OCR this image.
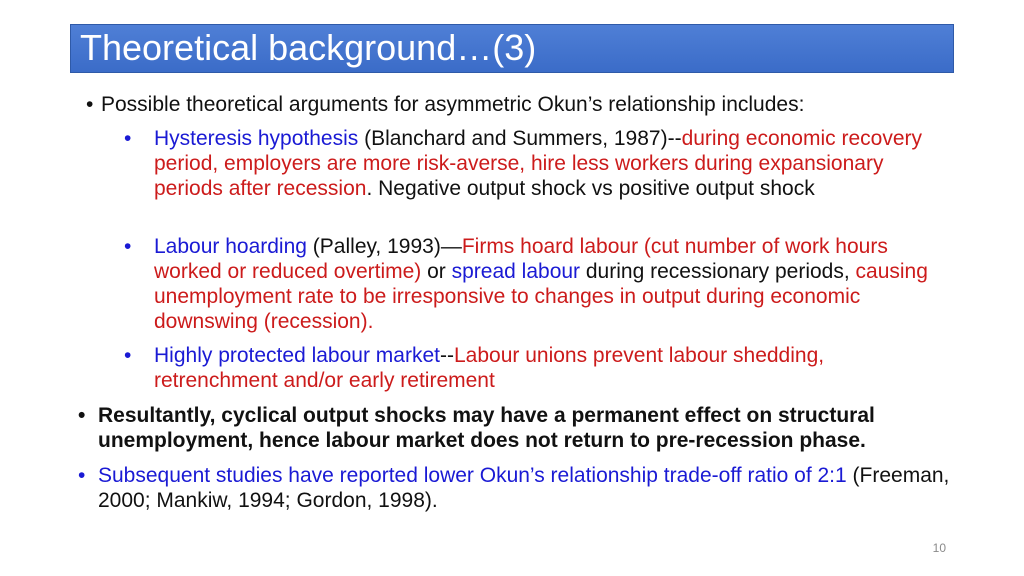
Theoretical background…(3)
• Possible theoretical arguments for asymmetric Okun’s relationship includes:
•	Hysteresis hypothesis (Blanchard and Summers, 1987)--during economic recovery period, employers are more risk-averse, hire less workers during expansionary periods after recession. Negative output shock vs positive output shock
•	Labour hoarding (Palley, 1993)—Firms hoard labour (cut number of work hours worked or reduced overtime) or spread labour during recessionary periods, causing unemployment rate to be irresponsive to changes in output during economic downswing (recession).
•	Highly protected labour market--Labour unions prevent labour shedding, retrenchment and/or early retirement
• Resultantly, cyclical output shocks may have a permanent effect on structural unemployment, hence labour market does not return to pre-recession phase.
• Subsequent studies have reported lower Okun’s relationship trade-off ratio of 2:1 (Freeman, 2000; Mankiw, 1994; Gordon, 1998).
10
